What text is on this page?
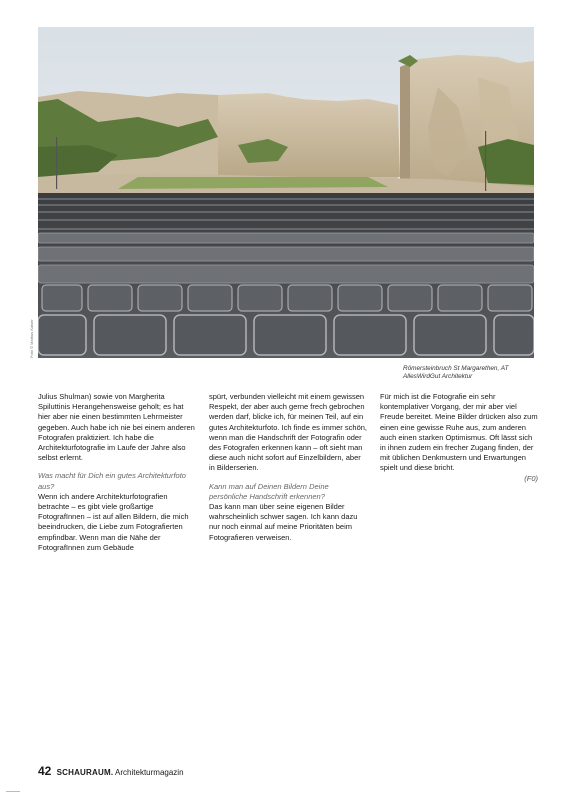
Foto © Markus Kaiser
Römersteinbruch St Margarethen, AT
AllesWirdGut Architektur

Julius Shulman) sowie von Margherita Spiluttinis Herangehensweise geholt; es hat hier aber nie einen bestimmten Lehrmeister gegeben. Auch habe ich nie bei einem anderen Fotografen praktiziert. Ich habe die Architekturfotografie im Laufe der Jahre also selbst erlernt.

Was macht für Dich ein gutes Architekturfoto aus?

Wenn ich andere Architekturfotografien betrachte – es gibt viele großartige FotografInnen – ist auf allen Bildern, die mich beeindrucken, die Liebe zum Fotografierten empfindbar. Wenn man die Nähe der FotografInnen zum Gebäude

spürt, verbunden vielleicht mit einem gewissen Respekt, der aber auch gerne frech gebrochen werden darf, blicke ich, für meinen Teil, auf ein gutes Architekturfoto. Ich finde es immer schön, wenn man die Handschrift der Fotografin oder des Fotografen erkennen kann – oft sieht man diese auch nicht sofort auf Einzelbildern, aber in Bilderserien.

Kann man auf Deinen Bildern Deine persönliche Handschrift erkennen?

Das kann man über seine eigenen Bilder wahrscheinlich schwer sagen. Ich kann dazu nur noch einmal auf meine Prioritäten beim Fotografieren verweisen.

Für mich ist die Fotografie ein sehr kontemplativer Vorgang, der mir aber viel Freude bereitet. Meine Bilder drücken also zum einen eine gewisse Ruhe aus, zum anderen auch einen starken Optimismus. Oft lässt sich in ihnen zudem ein frecher Zugang finden, der mit üblichen Denkmustern und Erwartungen spielt und diese bricht.

(F0)

42 SCHAURAUM. Architekturmagazin
